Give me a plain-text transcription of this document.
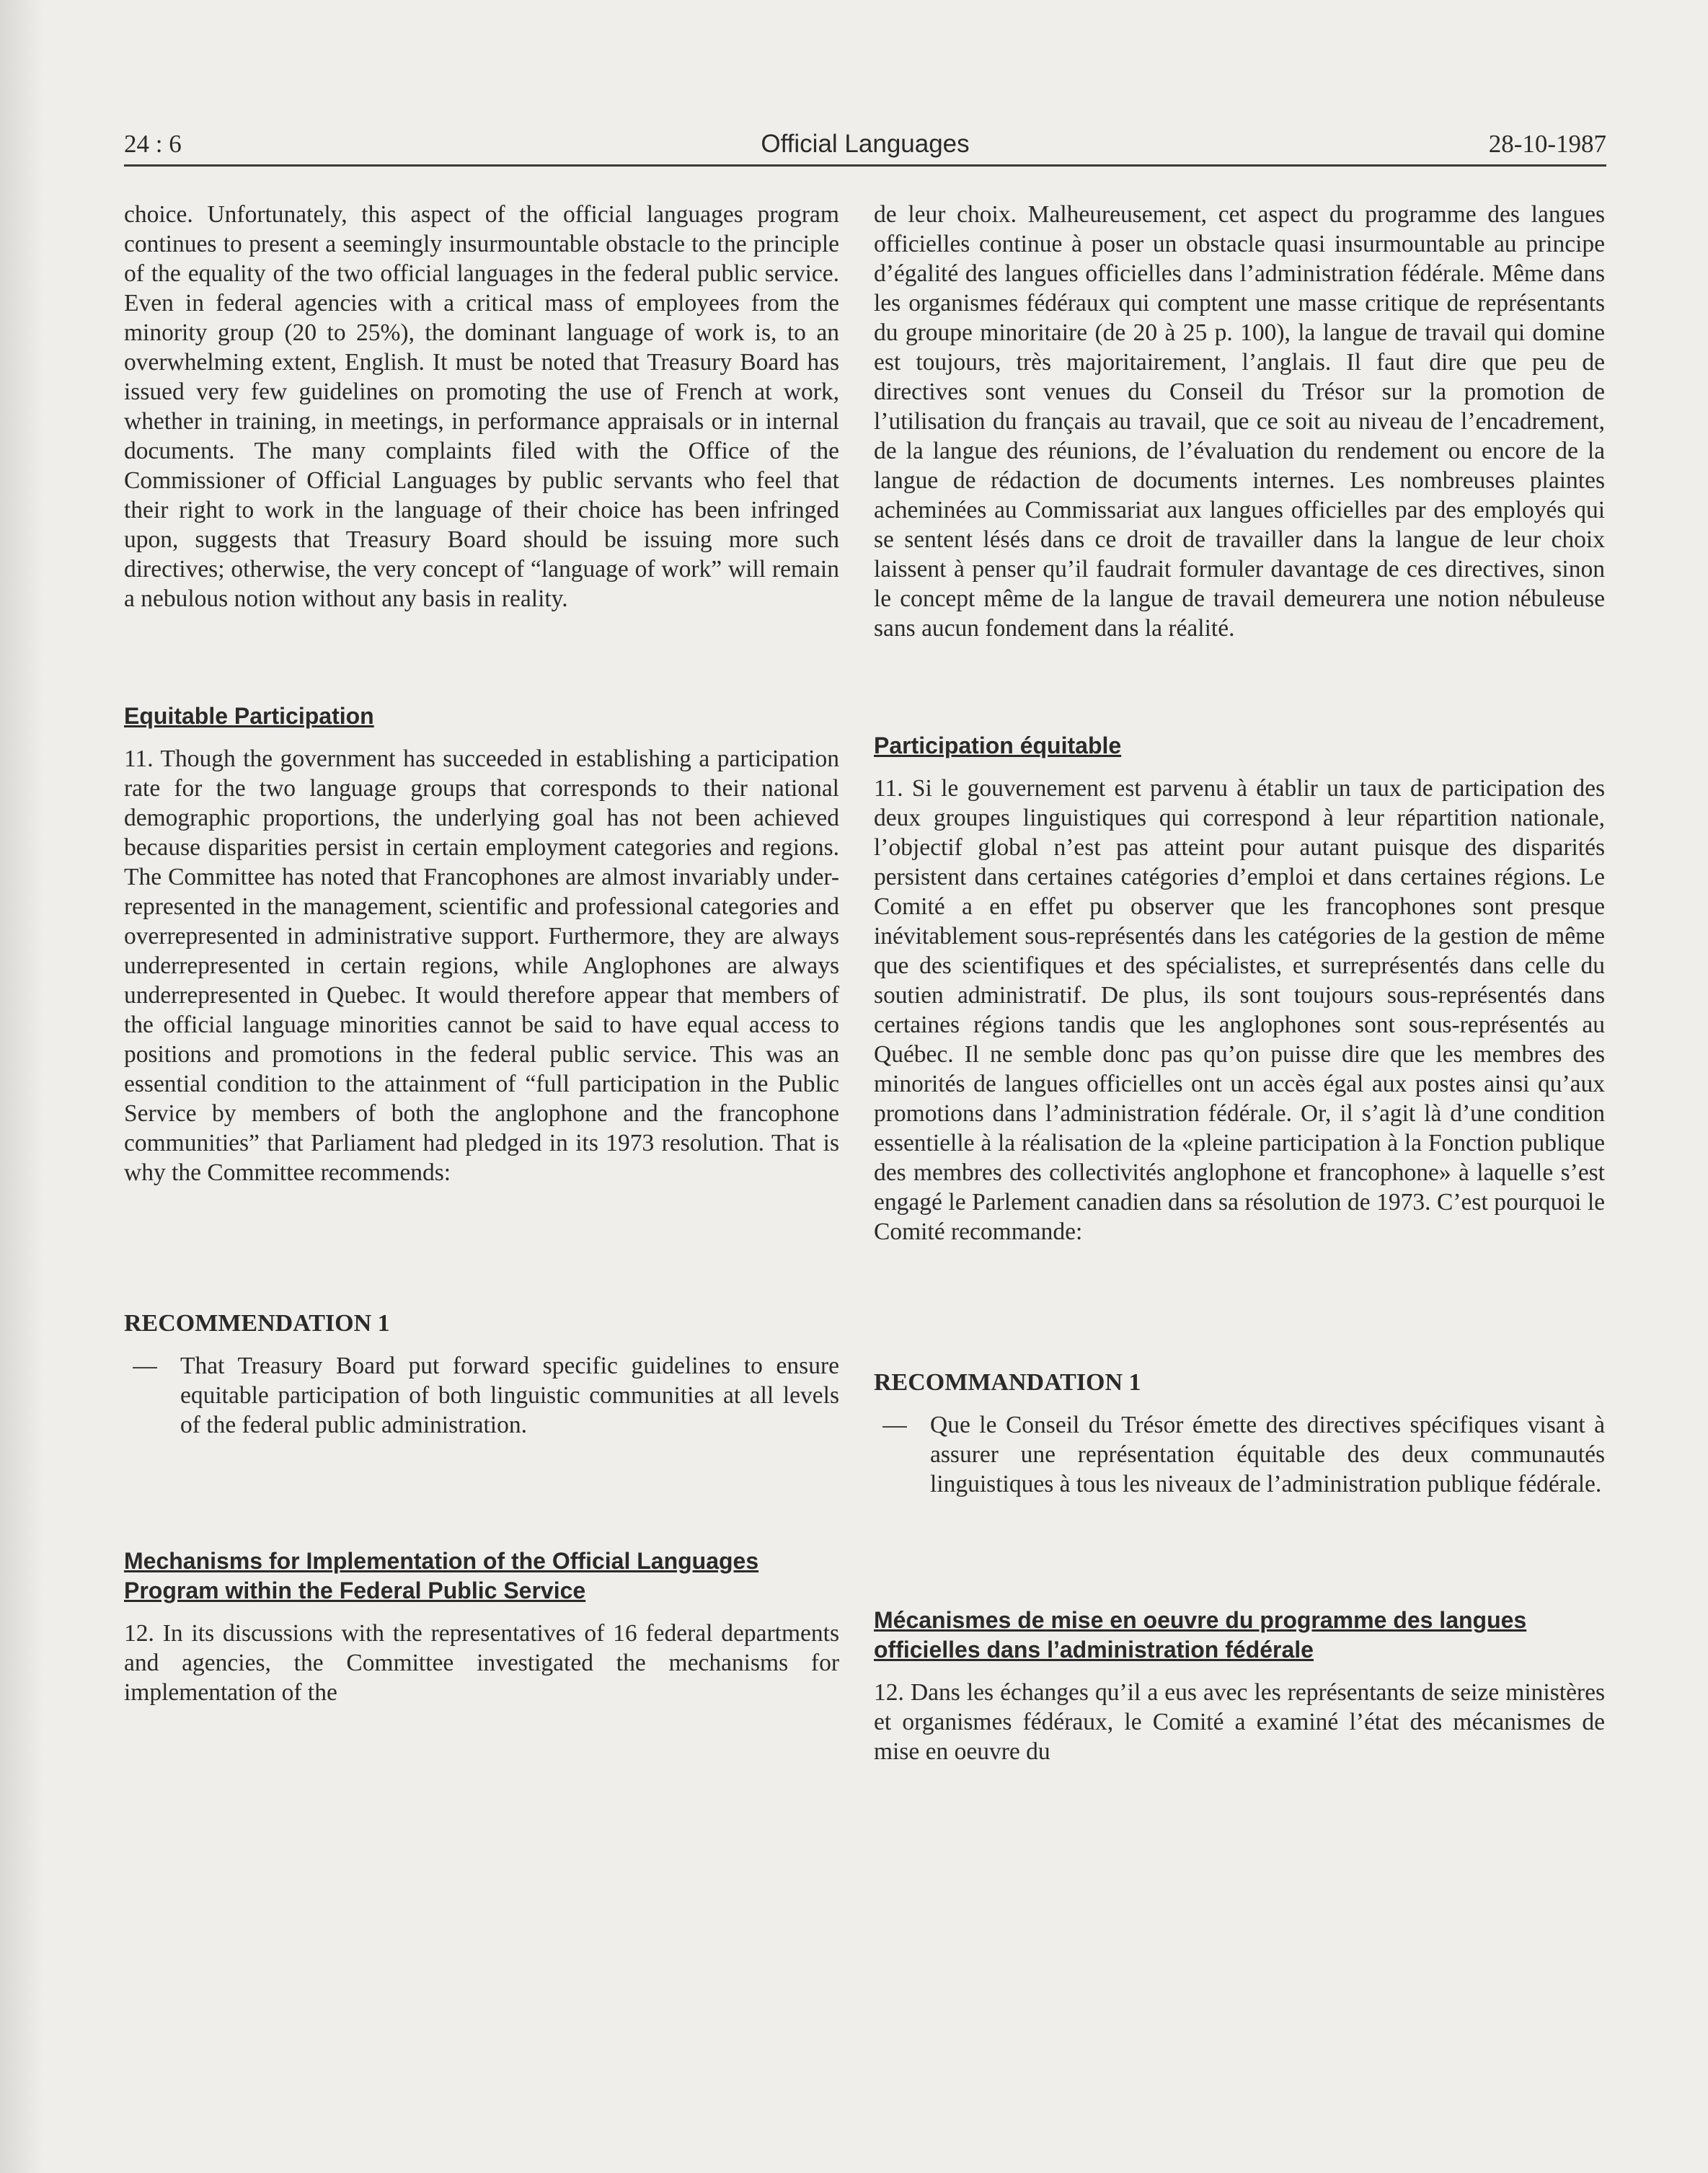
24 : 6	Official Languages	28-10-1987

choice. Unfortunately, this aspect of the official languages program continues to present a seemingly insurmountable obstacle to the principle of the equality of the two official languages in the federal public service. Even in federal agencies with a critical mass of employees from the minority group (20 to 25%), the dominant language of work is, to an overwhelming extent, English. It must be noted that Treasury Board has issued very few guidelines on promoting the use of French at work, whether in training, in meetings, in performance appraisals or in internal documents. The many complaints filed with the Office of the Commissioner of Official Languages by public servants who feel that their right to work in the language of their choice has been infringed upon, suggests that Treasury Board should be issuing more such directives; otherwise, the very concept of “language of work” will remain a nebulous notion without any basis in reality.

Equitable Participation

11. Though the government has succeeded in establishing a participation rate for the two language groups that corresponds to their national demographic proportions, the underlying goal has not been achieved because disparities persist in certain employment categories and regions. The Committee has noted that Francophones are almost invariably under-represented in the management, scientific and professional categories and overrepresented in administrative support. Furthermore, they are always underrepresented in certain regions, while Anglophones are always underrepresented in Quebec. It would therefore appear that members of the official language minorities cannot be said to have equal access to positions and promotions in the federal public service. This was an essential condition to the attainment of “full participation in the Public Service by members of both the anglophone and the francophone communities” that Parliament had pledged in its 1973 resolution. That is why the Committee recommends:

RECOMMENDATION 1

— That Treasury Board put forward specific guidelines to ensure equitable participation of both linguistic communities at all levels of the federal public administration.

Mechanisms for Implementation of the Official Languages Program within the Federal Public Service

12. In its discussions with the representatives of 16 federal departments and agencies, the Committee investigated the mechanisms for implementation of the

de leur choix. Malheureusement, cet aspect du programme des langues officielles continue à poser un obstacle quasi insurmountable au principe d’égalité des langues officielles dans l’administration fédérale. Même dans les organismes fédéraux qui comptent une masse critique de représentants du groupe minoritaire (de 20 à 25 p. 100), la langue de travail qui domine est toujours, très majoritairement, l’anglais. Il faut dire que peu de directives sont venues du Conseil du Trésor sur la promotion de l’utilisation du français au travail, que ce soit au niveau de l’encadrement, de la langue des réunions, de l’évaluation du rendement ou encore de la langue de rédaction de documents internes. Les nombreuses plaintes acheminées au Commissariat aux langues officielles par des employés qui se sentent lésés dans ce droit de travailler dans la langue de leur choix laissent à penser qu’il faudrait formuler davantage de ces directives, sinon le concept même de la langue de travail demeurera une notion nébuleuse sans aucun fondement dans la réalité.

Participation équitable

11. Si le gouvernement est parvenu à établir un taux de participation des deux groupes linguistiques qui correspond à leur répartition nationale, l’objectif global n’est pas atteint pour autant puisque des disparités persistent dans certaines catégories d’emploi et dans certaines régions. Le Comité a en effet pu observer que les francophones sont presque inévitablement sous-représentés dans les catégories de la gestion de même que des scientifiques et des spécialistes, et surreprésentés dans celle du soutien administratif. De plus, ils sont toujours sous-représentés dans certaines régions tandis que les anglophones sont sous-représentés au Québec. Il ne semble donc pas qu’on puisse dire que les membres des minorités de langues officielles ont un accès égal aux postes ainsi qu’aux promotions dans l’administration fédérale. Or, il s’agit là d’une condition essentielle à la réalisation de la «pleine participation à la Fonction publique des membres des collectivités anglophone et francophone» à laquelle s’est engagé le Parlement canadien dans sa résolution de 1973. C’est pourquoi le Comité recommande:

RECOMMANDATION 1

— Que le Conseil du Trésor émette des directives spécifiques visant à assurer une représentation équitable des deux communautés linguistiques à tous les niveaux de l’administration publique fédérale.

Mécanismes de mise en oeuvre du programme des langues officielles dans l’administration fédérale

12. Dans les échanges qu’il a eus avec les représentants de seize ministères et organismes fédéraux, le Comité a examiné l’état des mécanismes de mise en oeuvre du
